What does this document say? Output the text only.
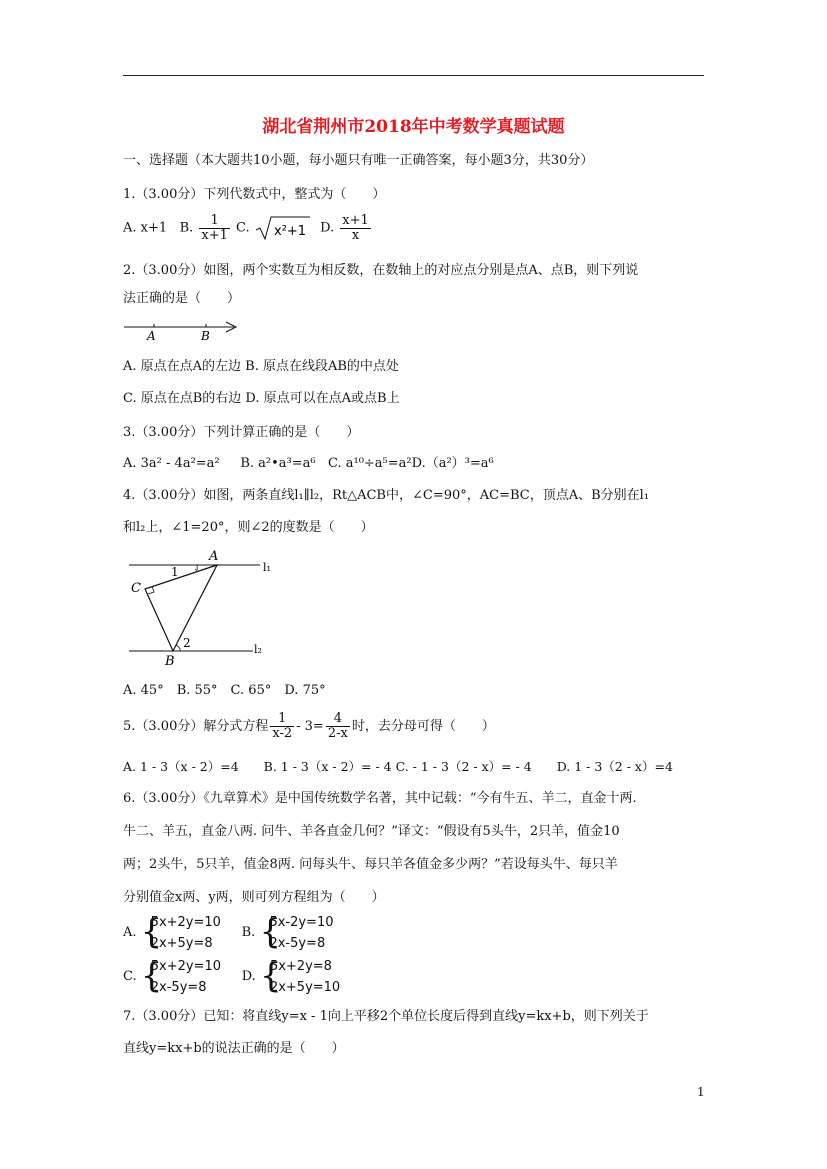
湖北省荆州市2018年中考数学真题试题
一、选择题（本大题共10小题，每小题只有唯一正确答案，每小题3分，共30分）
1.（3.00分）下列代数式中，整式为（　　）
A. x+1 B. $\frac{1}{x+1} C$. x²+1 D. $\frac{x+1}{x}$
2.（3.00分）如图，两个实数互为相反数，在数轴上的对应点分别是点A、点B，则下列说
法正确的是（　　）
A	B
A. 原点在点A的左边 B. 原点在线段AB的中点处
C. 原点在点B的右边 D. 原点可以在点A或点B上
3.（3.00分）下列计算正确的是（　　）
A. 3a² - 4a²=a² B. a²•a³=a⁶ C. a¹⁰÷a⁵=a²D.（a²）³=a⁶
4.（3.00分）如图，两条直线l₁∥l₂，Rt△ACB中，∠C=90°，AC=BC，顶点A、B分别在l₁
和l₂上，∠1=20°，则∠2的度数是（　　）
A
C
B
1
2
l₁
l₂
A. 45°　B. 55°　C. 65°　D. 75°
5.（3.00分）解分式方程 $\frac{1}{x-2} - 3= \frac{4}{2-x}$ 时，去分母可得（　　）
A. 1 - 3（x - 2）=4　　B. 1 - 3（x - 2）= - 4 C. - 1 - 3（2 - x）= - 4　　D. 1 - 3（2 - x）=4
6.（3.00分）《九章算术》是中国传统数学名著，其中记载：“今有牛五、羊二，直金十两.
牛二、羊五，直金八两. 问牛、羊各直金几何？”译文：“假设有5头牛，2只羊，值金10
两；2头牛，5只羊，值金8两. 问每头牛、每只羊各值金多少两？”若设每头牛、每只羊
分别值金x两、y两，则可列方程组为（　　）
A. {
5x+2y=10
2x+5y=8     B. {
5x-2y=10
2x-5y=8
C. {
5x+2y=10
2x-5y=8     D. {
5x+2y=8
2x+5y=10
7.（3.00分）已知：将直线y=x - 1向上平移2个单位长度后得到直线y=kx+b，则下列关于
直线y=kx+b的说法正确的是（　　）
1
